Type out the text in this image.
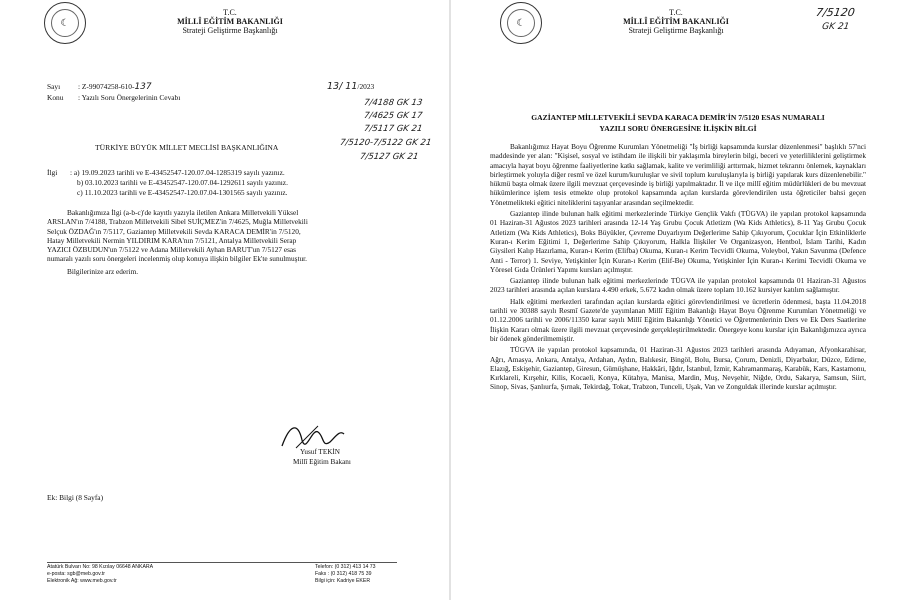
☾
T.C.
MİLLÎ EĞİTİM BAKANLIĞI
Strateji Geliştirme Başkanlığı
Sayı : Z-99074258-610-137
Konu : Yazılı Soru Önergelerinin Cevabı
13/ 11/2023
7/4188 GK 13
7/4625 GK 17
7/5117 GK 21
7/5120-7/5122 GK 21
7/5127 GK 21
TÜRKİYE BÜYÜK MİLLET MECLİSİ BAŞKANLIĞINA
İlgi : a) 19.09.2023 tarihli ve E-43452547-120.07.04-1285319 sayılı yazınız.
b) 03.10.2023 tarihli ve E-43452547-120.07.04-1292611 sayılı yazınız.
c) 11.10.2023 tarihli ve E-43452547-120.07.04-1301565 sayılı yazınız.
Bakanlığımıza İlgi (a-b-c)'de kayıtlı yazıyla iletilen Ankara Milletvekili Yüksel
ARSLAN'ın 7/4188, Trabzon Milletvekili Sibel SUİÇMEZ'in 7/4625, Muğla Milletvekili
Selçuk ÖZDAĞ'ın 7/5117, Gaziantep Milletvekili Sevda KARACA DEMİR'in 7/5120,
Hatay Milletvekili Nermin YILDIRIM KARA'nın 7/5121, Antalya Milletvekili Serap
YAZICI ÖZBUDUN'un 7/5122 ve Adana Milletvekili Ayhan BARUT'un 7/5127 esas
numaralı yazılı soru önergeleri incelenmiş olup konuya ilişkin bilgiler Ek'te sunulmuştur.
Bilgilerinize arz ederim.
Yusuf TEKİN
Millî Eğitim Bakanı
Ek: Bilgi (8 Sayfa)
Atatürk Bulvarı No: 98 Kızılay 06648 ANKARA
e-posta: sgb@meb.gov.tr
Elektronik Ağ: www.meb.gov.tr
Telefon: (0 312) 413 14 73
Faks : (0 312) 418 75 39
Bilgi için: Kadriye EKER
☾
T.C.
MİLLÎ EĞİTİM BAKANLIĞI
Strateji Geliştirme Başkanlığı
7/5120
GK 21
GAZİANTEP MİLLETVEKİLİ SEVDA KARACA DEMİR'İN 7/5120 ESAS NUMARALI
YAZILI SORU ÖNERGESİNE İLİŞKİN BİLGİ
Bakanlığımız Hayat Boyu Öğrenme Kurumları Yönetmeliği "İş birliği kapsamında kurslar düzenlenmesi" başlıklı 57'nci maddesinde yer alan: "Kişisel, sosyal ve istihdam ile ilişkili bir yaklaşımla bireylerin bilgi, beceri ve yeterliliklerini geliştirmek amacıyla hayat boyu öğrenme faaliyetlerine katkı sağlamak, kalite ve verimliliği arttırmak, hizmet tekrarını önlemek, kaynakları birleştirmek yoluyla diğer resmî ve özel kurum/kuruluşlar ve sivil toplum kuruluşlarıyla iş birliği yapılarak kurs düzenlenebilir." hükmü başta olmak üzere ilgili mevzuat çerçevesinde iş birliği yapılmaktadır. İl ve ilçe millî eğitim müdürlükleri de bu mevzuat hükümlerince işlem tesis etmekte olup protokol kapsamında açılan kurslarda görevlendirilen usta öğreticiler bahsi geçen Yönetmelikteki eğitici niteliklerini taşıyanlar arasından seçilmektedir.
Gaziantep ilinde bulunan halk eğitimi merkezlerinde Türkiye Gençlik Vakfı (TÜGVA) ile yapılan protokol kapsamında 01 Haziran-31 Ağustos 2023 tarihleri arasında 12-14 Yaş Grubu Çocuk Atletizm (Wa Kids Athletics), 8-11 Yaş Grubu Çocuk Atletizm (Wa Kids Athletics), Boks Büyükler, Çevreme Duyarlıyım Değerlerime Sahip Çıkıyorum, Çocuklar İçin Etkinliklerle Kuran-ı Kerim Eğitimi 1, Değerlerime Sahip Çıkıyorum, Halkla İlişkiler Ve Organizasyon, Hentbol, İslam Tarihi, Kadın Giysileri Kalıp Hazırlama, Kuran-ı Kerim (Elifba) Okuma, Kuran-ı Kerim Tecvidli Okuma, Voleybol, Yakın Savunma (Defence Anti - Terror) 1. Seviye, Yetişkinler İçin Kuran-ı Kerim (Elif-Be) Okuma, Yetişkinler İçin Kuran-ı Kerimi Tecvidli Okuma ve Yöresel Gıda Ürünleri Yapımı kursları açılmıştır.
Gaziantep ilinde bulunan halk eğitimi merkezlerinde TÜGVA ile yapılan protokol kapsamında 01 Haziran-31 Ağustos 2023 tarihleri arasında açılan kurslara 4.490 erkek, 5.672 kadın olmak üzere toplam 10.162 kursiyer katılım sağlamıştır.
Halk eğitimi merkezleri tarafından açılan kurslarda eğitici görevlendirilmesi ve ücretlerin ödenmesi, başta 11.04.2018 tarihli ve 30388 sayılı Resmî Gazete'de yayımlanan Millî Eğitim Bakanlığı Hayat Boyu Öğrenme Kurumları Yönetmeliği ve 01.12.2006 tarihli ve 2006/11350 karar sayılı Millî Eğitim Bakanlığı Yönetici ve Öğretmenlerinin Ders ve Ek Ders Saatlerine İlişkin Kararı olmak üzere ilgili mevzuat çerçevesinde gerçekleştirilmektedir. Önergeye konu kurslar için Bakanlığımızca ayrıca bir ödenek gönderilmemiştir.
TÜGVA ile yapılan protokol kapsamında, 01 Haziran-31 Ağustos 2023 tarihleri arasında Adıyaman, Afyonkarahisar, Ağrı, Amasya, Ankara, Antalya, Ardahan, Aydın, Balıkesir, Bingöl, Bolu, Bursa, Çorum, Denizli, Diyarbakır, Düzce, Edirne, Elazığ, Eskişehir, Gaziantep, Giresun, Gümüşhane, Hakkâri, Iğdır, İstanbul, İzmir, Kahramanmaraş, Karabük, Kars, Kastamonu, Kırklareli, Kırşehir, Kilis, Kocaeli, Konya, Kütahya, Manisa, Mardin, Muş, Nevşehir, Niğde, Ordu, Sakarya, Samsun, Siirt, Sinop, Sivas, Şanlıurfa, Şırnak, Tekirdağ, Tokat, Trabzon, Tunceli, Uşak, Van ve Zonguldak illerinde kurslar açılmıştır.
